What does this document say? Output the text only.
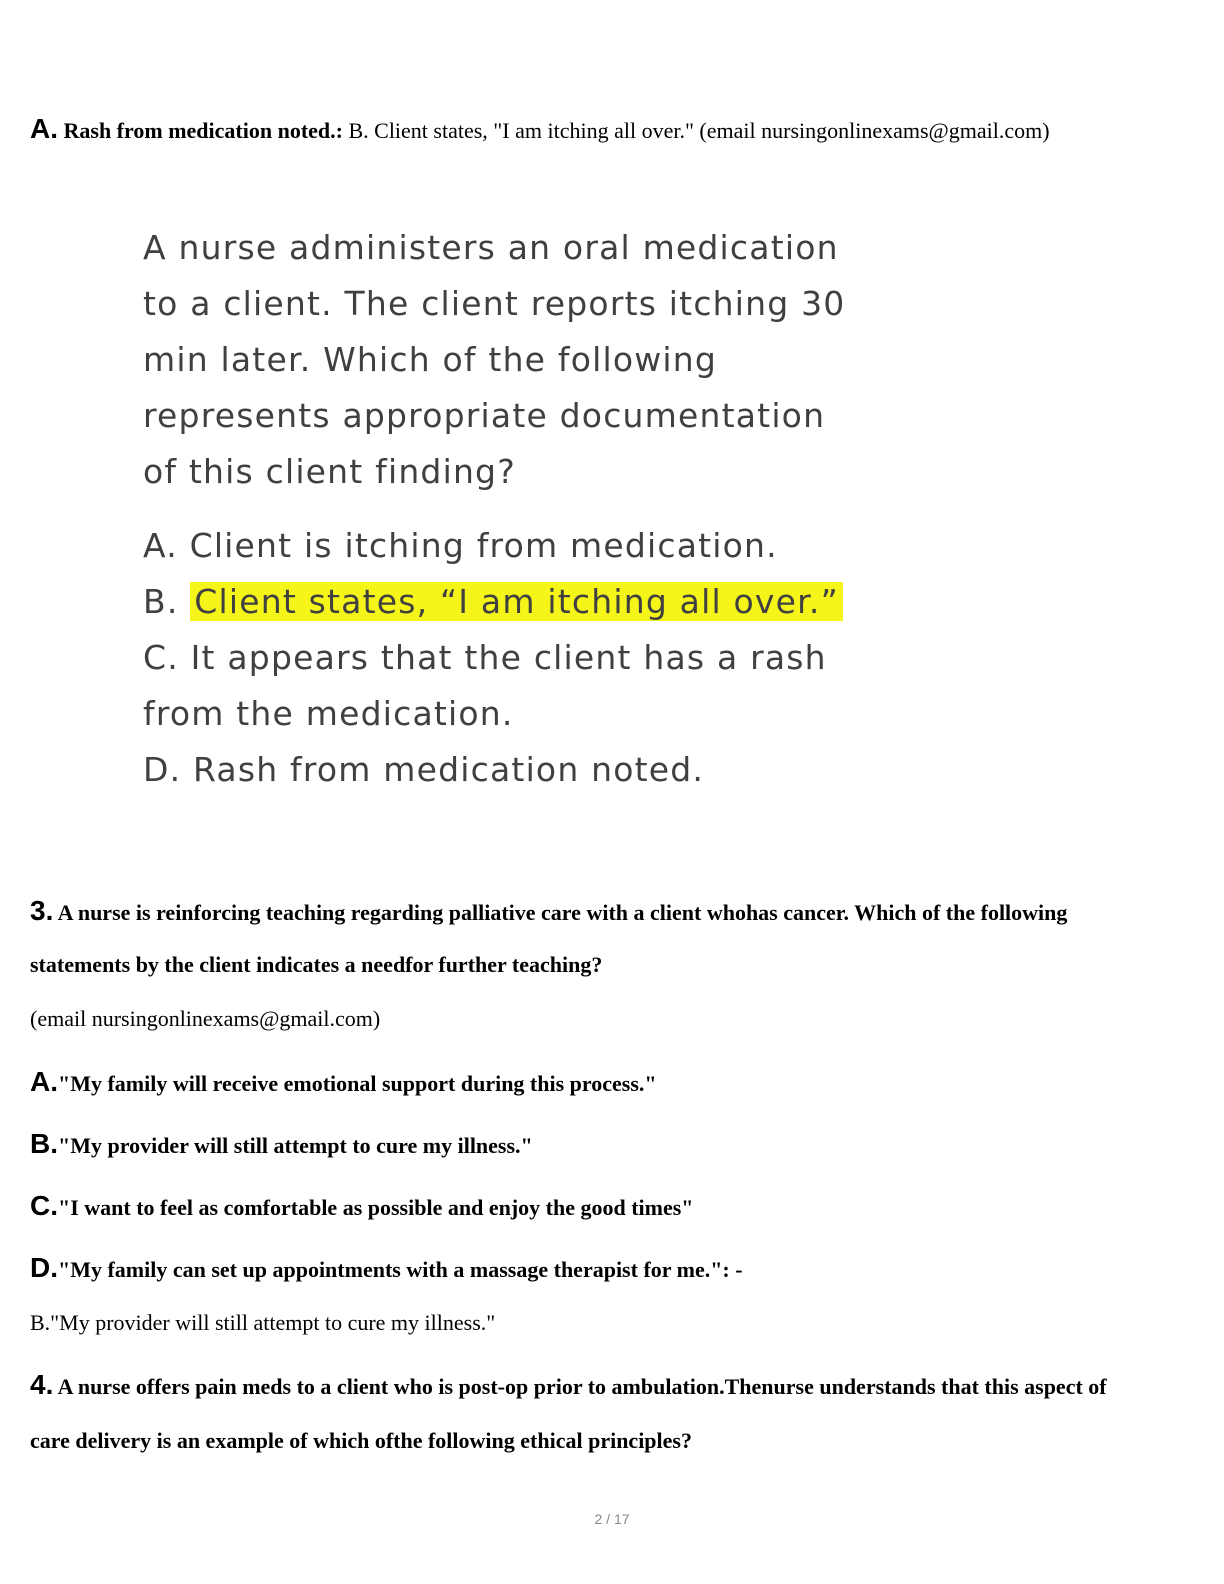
A. Rash from medication noted.: B. Client states, "I am itching all over." (email nursingonlinexams@gmail.com)

A nurse administers an oral medication

to a client. The client reports itching 30

min later. Which of the following

represents appropriate documentation

of this client finding?

A. Client is itching from medication.

B. Client states, “I am itching all over.”

C. It appears that the client has a rash

from the medication.

D. Rash from medication noted.

3. A nurse is reinforcing teaching regarding palliative care with a client whohas cancer. Which of the following
statements by the client indicates a needfor further teaching?
(email nursingonlinexams@gmail.com)
A."My family will receive emotional support during this process."
B."My provider will still attempt to cure my illness."
C."I want to feel as comfortable as possible and enjoy the good times"
D."My family can set up appointments with a massage therapist for me.": -
B."My provider will still attempt to cure my illness."
4. A nurse offers pain meds to a client who is post-op prior to ambulation.Thenurse understands that this aspect of
care delivery is an example of which ofthe following ethical principles?
2 / 17
